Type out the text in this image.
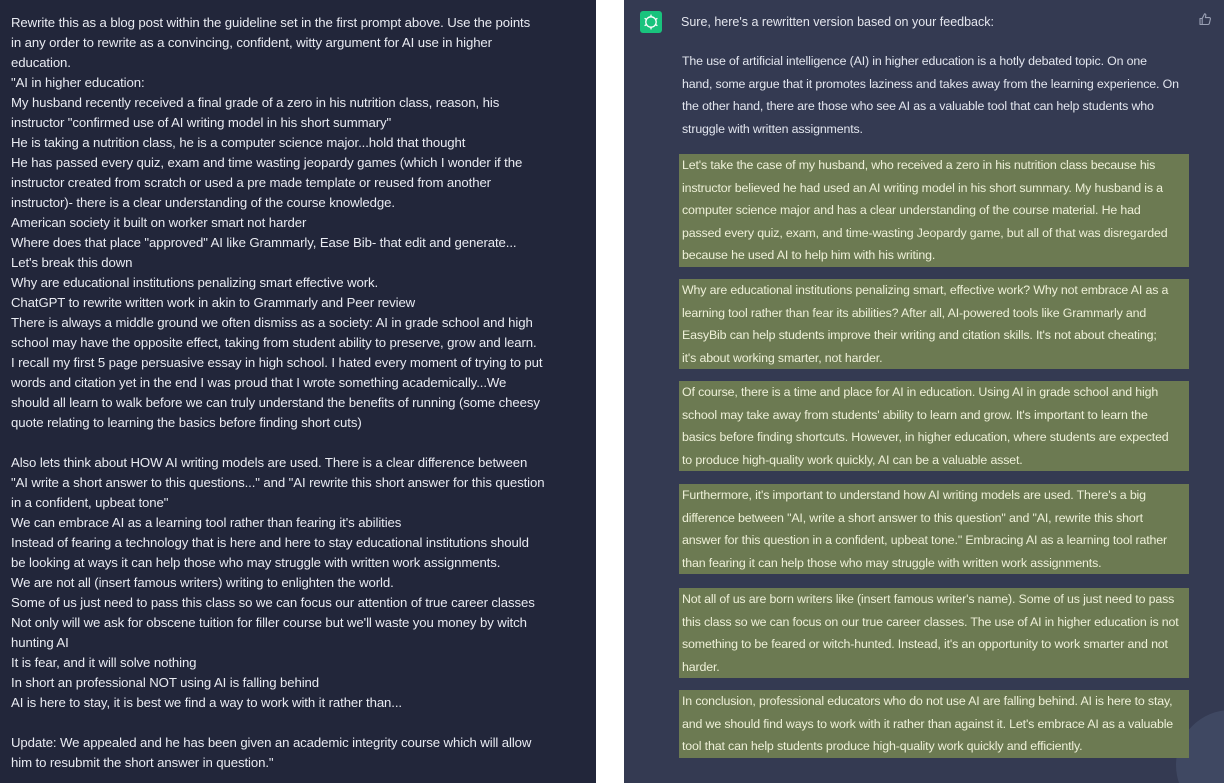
Rewrite this as a blog post within the guideline set in the first prompt above. Use the points
in any order to rewrite as a convincing, confident, witty argument for AI use in higher
education.
"AI in higher education:
My husband recently received a final grade of a zero in his nutrition class, reason, his
instructor "confirmed use of AI writing model in his short summary"
He is taking a nutrition class, he is a computer science major...hold that thought
He has passed every quiz, exam and time wasting jeopardy games (which I wonder if the
instructor created from scratch or used a pre made template or reused from another
instructor)- there is a clear understanding of the course knowledge.
American society it built on worker smart not harder
Where does that place "approved" AI like Grammarly, Ease Bib- that edit and generate...
Let's break this down
Why are educational institutions penalizing smart effective work.
ChatGPT to rewrite written work in akin to Grammarly and Peer review
There is always a middle ground we often dismiss as a society: AI in grade school and high
school may have the opposite effect, taking from student ability to preserve, grow and learn.
I recall my first 5 page persuasive essay in high school. I hated every moment of trying to put
words and citation yet in the end I was proud that I wrote something academically...We
should all learn to walk before we can truly understand the benefits of running (some cheesy
quote relating to learning the basics before finding short cuts)
Also lets think about HOW AI writing models are used. There is a clear difference between
"AI write a short answer to this questions..." and "AI rewrite this short answer for this question
in a confident, upbeat tone"
We can embrace AI as a learning tool rather than fearing it's abilities
Instead of fearing a technology that is here and here to stay educational institutions should
be looking at ways it can help those who may struggle with written work assignments.
We are not all (insert famous writers) writing to enlighten the world.
Some of us just need to pass this class so we can focus our attention of true career classes
Not only will we ask for obscene tuition for filler course but we'll waste you money by witch
hunting AI
It is fear, and it will solve nothing
In short an professional NOT using AI is falling behind
AI is here to stay, it is best we find a way to work with it rather than...
Update: We appealed and he has been given an academic integrity course which will allow
him to resubmit the short answer in question."
Sure, here's a rewritten version based on your feedback:
The use of artificial intelligence (AI) in higher education is a hotly debated topic. On one
hand, some argue that it promotes laziness and takes away from the learning experience. On
the other hand, there are those who see AI as a valuable tool that can help students who
struggle with written assignments.
Let's take the case of my husband, who received a zero in his nutrition class because his
instructor believed he had used an AI writing model in his short summary. My husband is a
computer science major and has a clear understanding of the course material. He had
passed every quiz, exam, and time-wasting Jeopardy game, but all of that was disregarded
because he used AI to help him with his writing.
Why are educational institutions penalizing smart, effective work? Why not embrace AI as a
learning tool rather than fear its abilities? After all, AI-powered tools like Grammarly and
EasyBib can help students improve their writing and citation skills. It's not about cheating;
it's about working smarter, not harder.
Of course, there is a time and place for AI in education. Using AI in grade school and high
school may take away from students' ability to learn and grow. It's important to learn the
basics before finding shortcuts. However, in higher education, where students are expected
to produce high-quality work quickly, AI can be a valuable asset.
Furthermore, it's important to understand how AI writing models are used. There's a big
difference between "AI, write a short answer to this question" and "AI, rewrite this short
answer for this question in a confident, upbeat tone." Embracing AI as a learning tool rather
than fearing it can help those who may struggle with written work assignments.
Not all of us are born writers like (insert famous writer's name). Some of us just need to pass
this class so we can focus on our true career classes. The use of AI in higher education is not
something to be feared or witch-hunted. Instead, it's an opportunity to work smarter and not
harder.
In conclusion, professional educators who do not use AI are falling behind. AI is here to stay,
and we should find ways to work with it rather than against it. Let's embrace AI as a valuable
tool that can help students produce high-quality work quickly and efficiently.
